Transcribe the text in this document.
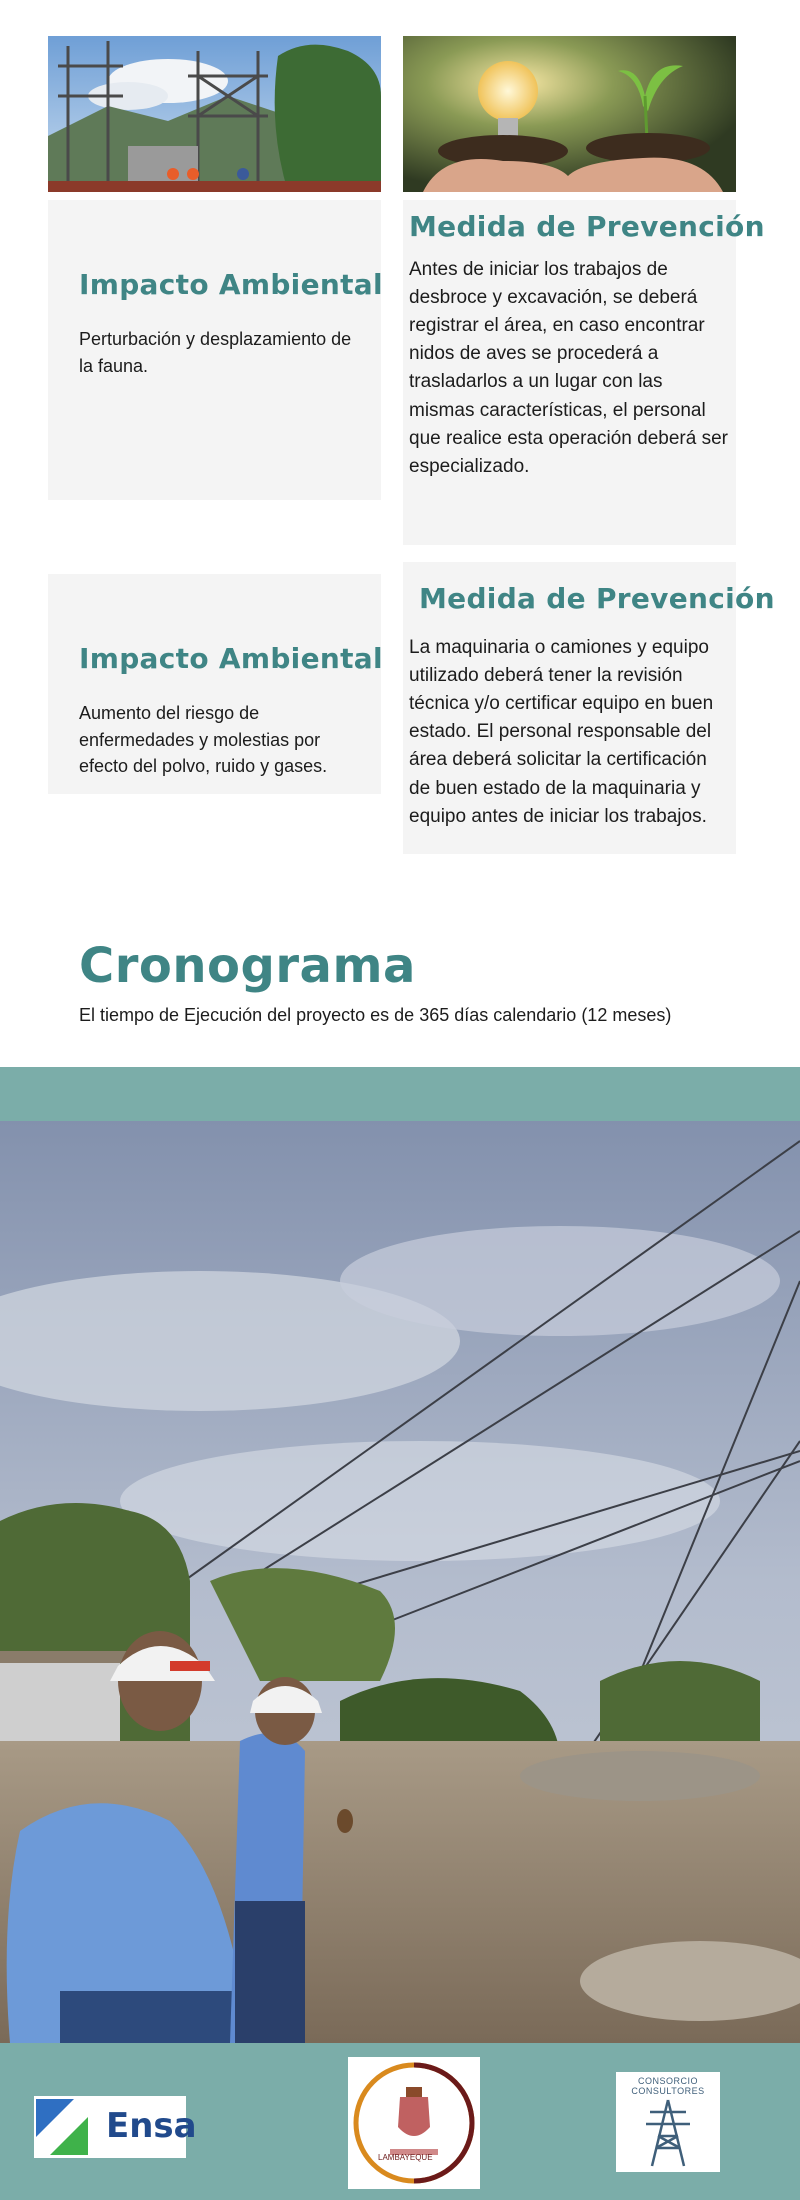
Impacto Ambiental

Perturbación y desplazamiento de la fauna.

Medida de Prevención

Antes de iniciar los trabajos de desbroce y excavación, se deberá registrar el área, en caso encontrar nidos de aves se procederá a trasladarlos a un lugar con las mismas características, el personal que realice esta operación deberá ser especializado.

Impacto Ambiental

Aumento del riesgo de enfermedades y molestias por efecto del polvo, ruido y gases.

Medida de Prevención

La maquinaria o camiones y equipo utilizado deberá tener la revisión técnica y/o certificar equipo en buen estado. El personal responsable del área deberá solicitar la certificación de buen estado de la maquinaria y equipo antes de iniciar los trabajos.

Cronograma

El tiempo de Ejecución del proyecto es de 365 días calendario (12 meses)

Ensa
LAMBAYEQUE
CONSORCIO CONSULTORES
